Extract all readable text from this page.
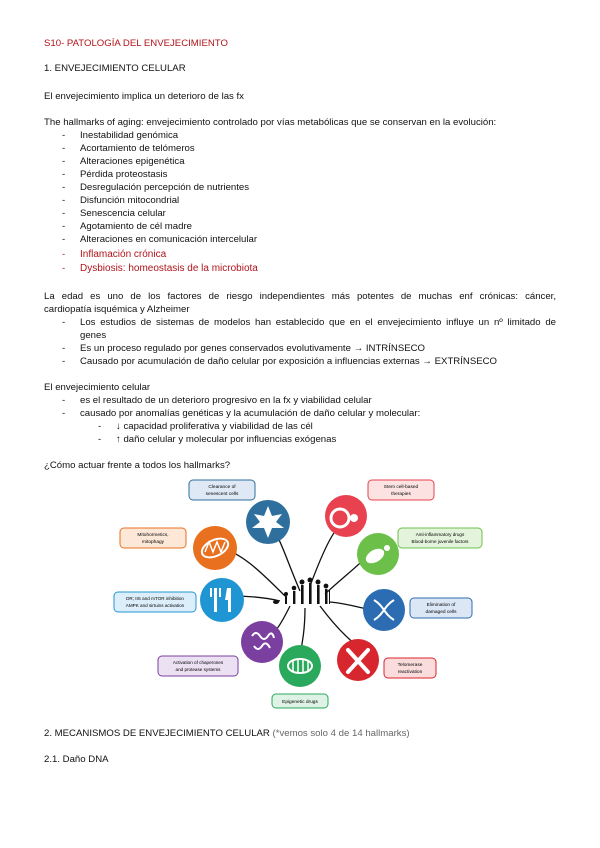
S10- PATOLOGÍA DEL ENVEJECIMIENTO
1. ENVEJECIMIENTO CELULAR
El envejecimiento implica un deterioro de las fx
The hallmarks of aging: envejecimiento controlado por vías metabólicas que se conservan en la evolución:
- Inestabilidad genómica
- Acortamiento de telómeros
- Alteraciones epigenética
- Pérdida proteostasis
- Desregulación percepción de nutrientes
- Disfunción mitocondrial
- Senescencia celular
- Agotamiento de cél madre
- Alteraciones en comunicación intercelular
- Inflamación crónica
- Dysbiosis: homeostasis de la microbiota
La edad es uno de los factores de riesgo independientes más potentes de muchas enf crónicas: cáncer,
cardiopatía isquémica y Alzheimer
- Los estudios de sistemas de modelos han establecido que en el envejecimiento influye un nº limitado de
genes
- Es un proceso regulado por genes conservados evolutivamente → INTRÍNSECO
- Causado por acumulación de daño celular por exposición a influencias externas → EXTRÍNSECO
El envejecimiento celular
- es el resultado de un deterioro progresivo en la fx y viabilidad celular
- causado por anomalías genéticas y la acumulación de daño celular y molecular:
- ↓ capacidad proliferativa y viabilidad de las cél
- ↑ daño celular y molecular por influencias exógenas
¿Cómo actuar frente a todos los hallmarks?
Clearance of
senescent cells
Stem cell-based
therapies
Mitohormetics,
mitophagy
Anti-inflammatory drugs
Blood-borne juvenile factors
DR; IIS and mTOR inhibition
AMPK and sirtuins activation	Elimination of
damaged cells
Activation of chaperones
and protease systems
Telomerase
reactivation
Epigenetic drugs
2. MECANISMOS DE ENVEJECIMIENTO CELULAR (*vemos solo 4 de 14 hallmarks)
2.1. Daño DNA
